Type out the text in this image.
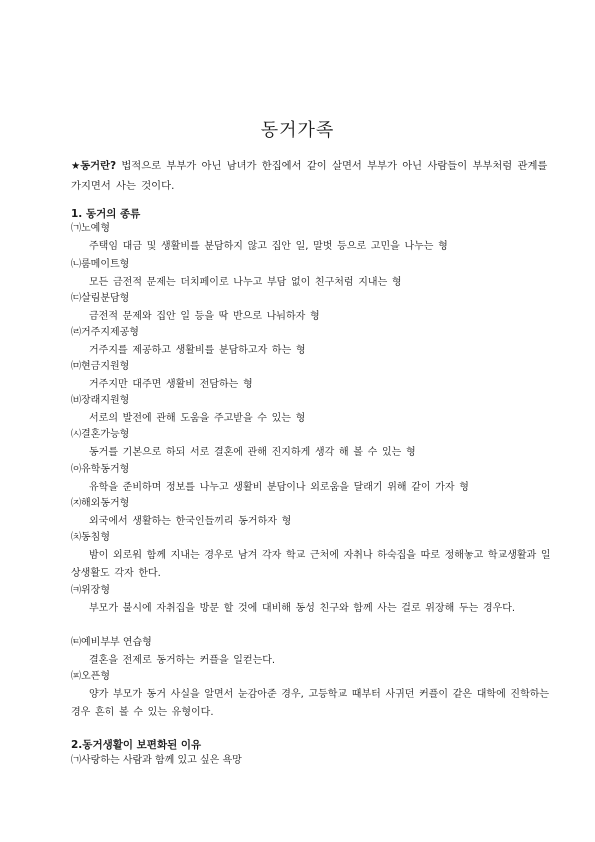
동거가족
★동거란? 법적으로 부부가 아닌 남녀가 한집에서 같이 살면서 부부가 아닌 사람들이 부부처럼 관계를 가지면서 사는 것이다.
1. 동거의 종류
㈀노예형
주택임 대금 및 생활비를 분담하지 않고 집안 일, 말벗 등으로 고민을 나누는 형
㈁룸메이트형
모든 금전적 문제는 더치페이로 나누고 부담 없이 친구처럼 지내는 형
㈂살림분담형
금전적 문제와 집안 일 등을 딱 반으로 나눠하자 형
㈃거주지제공형
거주지를 제공하고 생활비를 분담하고자 하는 형
㈄현금지원형
거주지만 대주면 생활비 전담하는 형
㈅장래지원형
서로의 발전에 관해 도움을 주고받을 수 있는 형
㈆결혼가능형
동거를 기본으로 하되 서로 결혼에 관해 진지하게 생각 해 볼 수 있는 형
㈇유학동거형
유학을 준비하며 정보를 나누고 생활비 분담이나 외로움을 달래기 위해 같이 가자 형
㈈해외동거형
외국에서 생활하는 한국인들끼리 동거하자 형
㈉동침형
밤이 외로워 함께 지내는 경우로 남겨 각자 학교 근처에 자취나 하숙집을 따로 정해놓고 학교생활과 일상생활도 각자 한다.
㈊위장형
부모가 불시에 자취집을 방문 할 것에 대비해 동성 친구와 함께 사는 걸로 위장해 두는 경우다.
㈋예비부부 연습형
결혼을 전제로 동거하는 커플을 일컫는다.
㈌오픈형
양가 부모가 동거 사실을 알면서 눈감아준 경우, 고등학교 때부터 사귀던 커플이 같은 대학에 진학하는 경우 흔히 볼 수 있는 유형이다.
2.동거생활이 보편화된 이유
㈀사랑하는 사람과 함께 있고 싶은 욕망
